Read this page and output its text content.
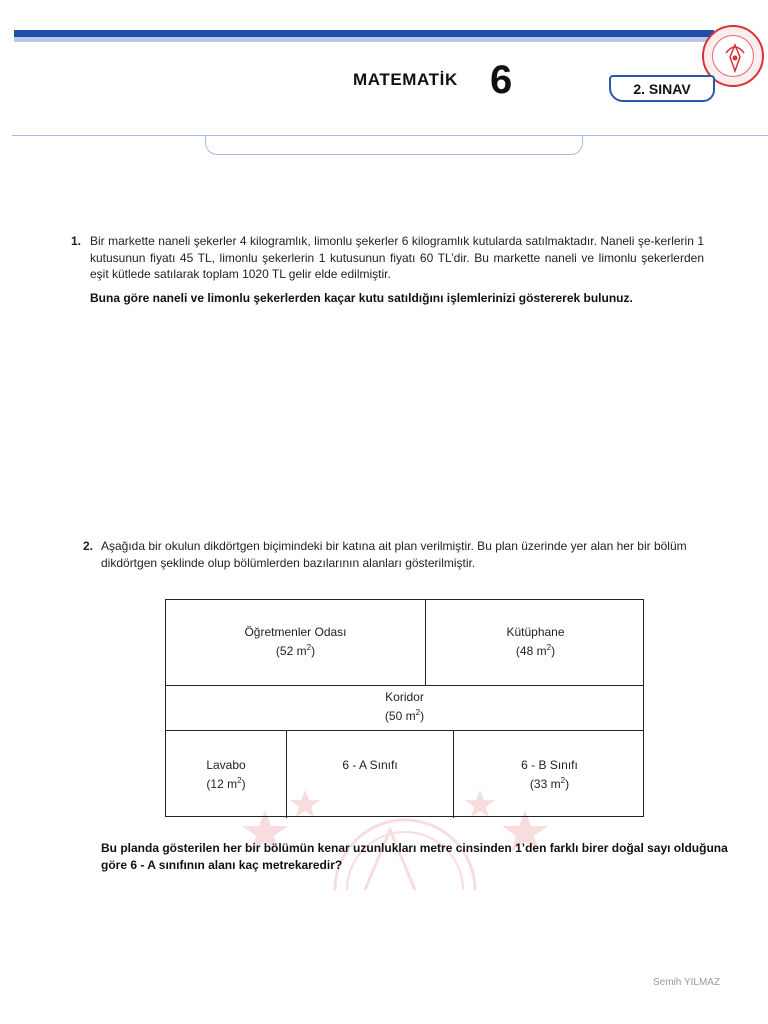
MATEMATİK 6	2. SINAV
1. Bir markette naneli şekerler 4 kilogramlık, limonlu şekerler 6 kilogramlık kutularda satılmaktadır. Naneli şe-kerlerin 1 kutusunun fiyatı 45 TL, limonlu şekerlerin 1 kutusunun fiyatı 60 TL’dir. Bu markette naneli ve limonlu şekerlerden eşit kütlede satılarak toplam 1020 TL gelir elde edilmiştir.
Buna göre naneli ve limonlu şekerlerden kaçar kutu satıldığını işlemlerinizi göstererek bulunuz.
2. Aşağıda bir okulun dikdörtgen biçimindeki bir katına ait plan verilmiştir. Bu plan üzerinde yer alan her bir bölüm dikdörtgen şeklinde olup bölümlerden bazılarının alanları gösterilmiştir.
Öğretmenler Odası
(52 $m^2$)
Kütüphane
(48 $m^2$)
Koridor
(50 $m^2$)
Lavabo
(12 $m^2$)
6 - A Sınıfı	6 - B Sınıfı
(33 $m^2$)
Bu planda gösterilen her bir bölümün kenar uzunlukları metre cinsinden 1’den farklı birer doğal sayı olduğuna göre 6 - A sınıfının alanı kaç metrekaredir?
Semih YILMAZ
